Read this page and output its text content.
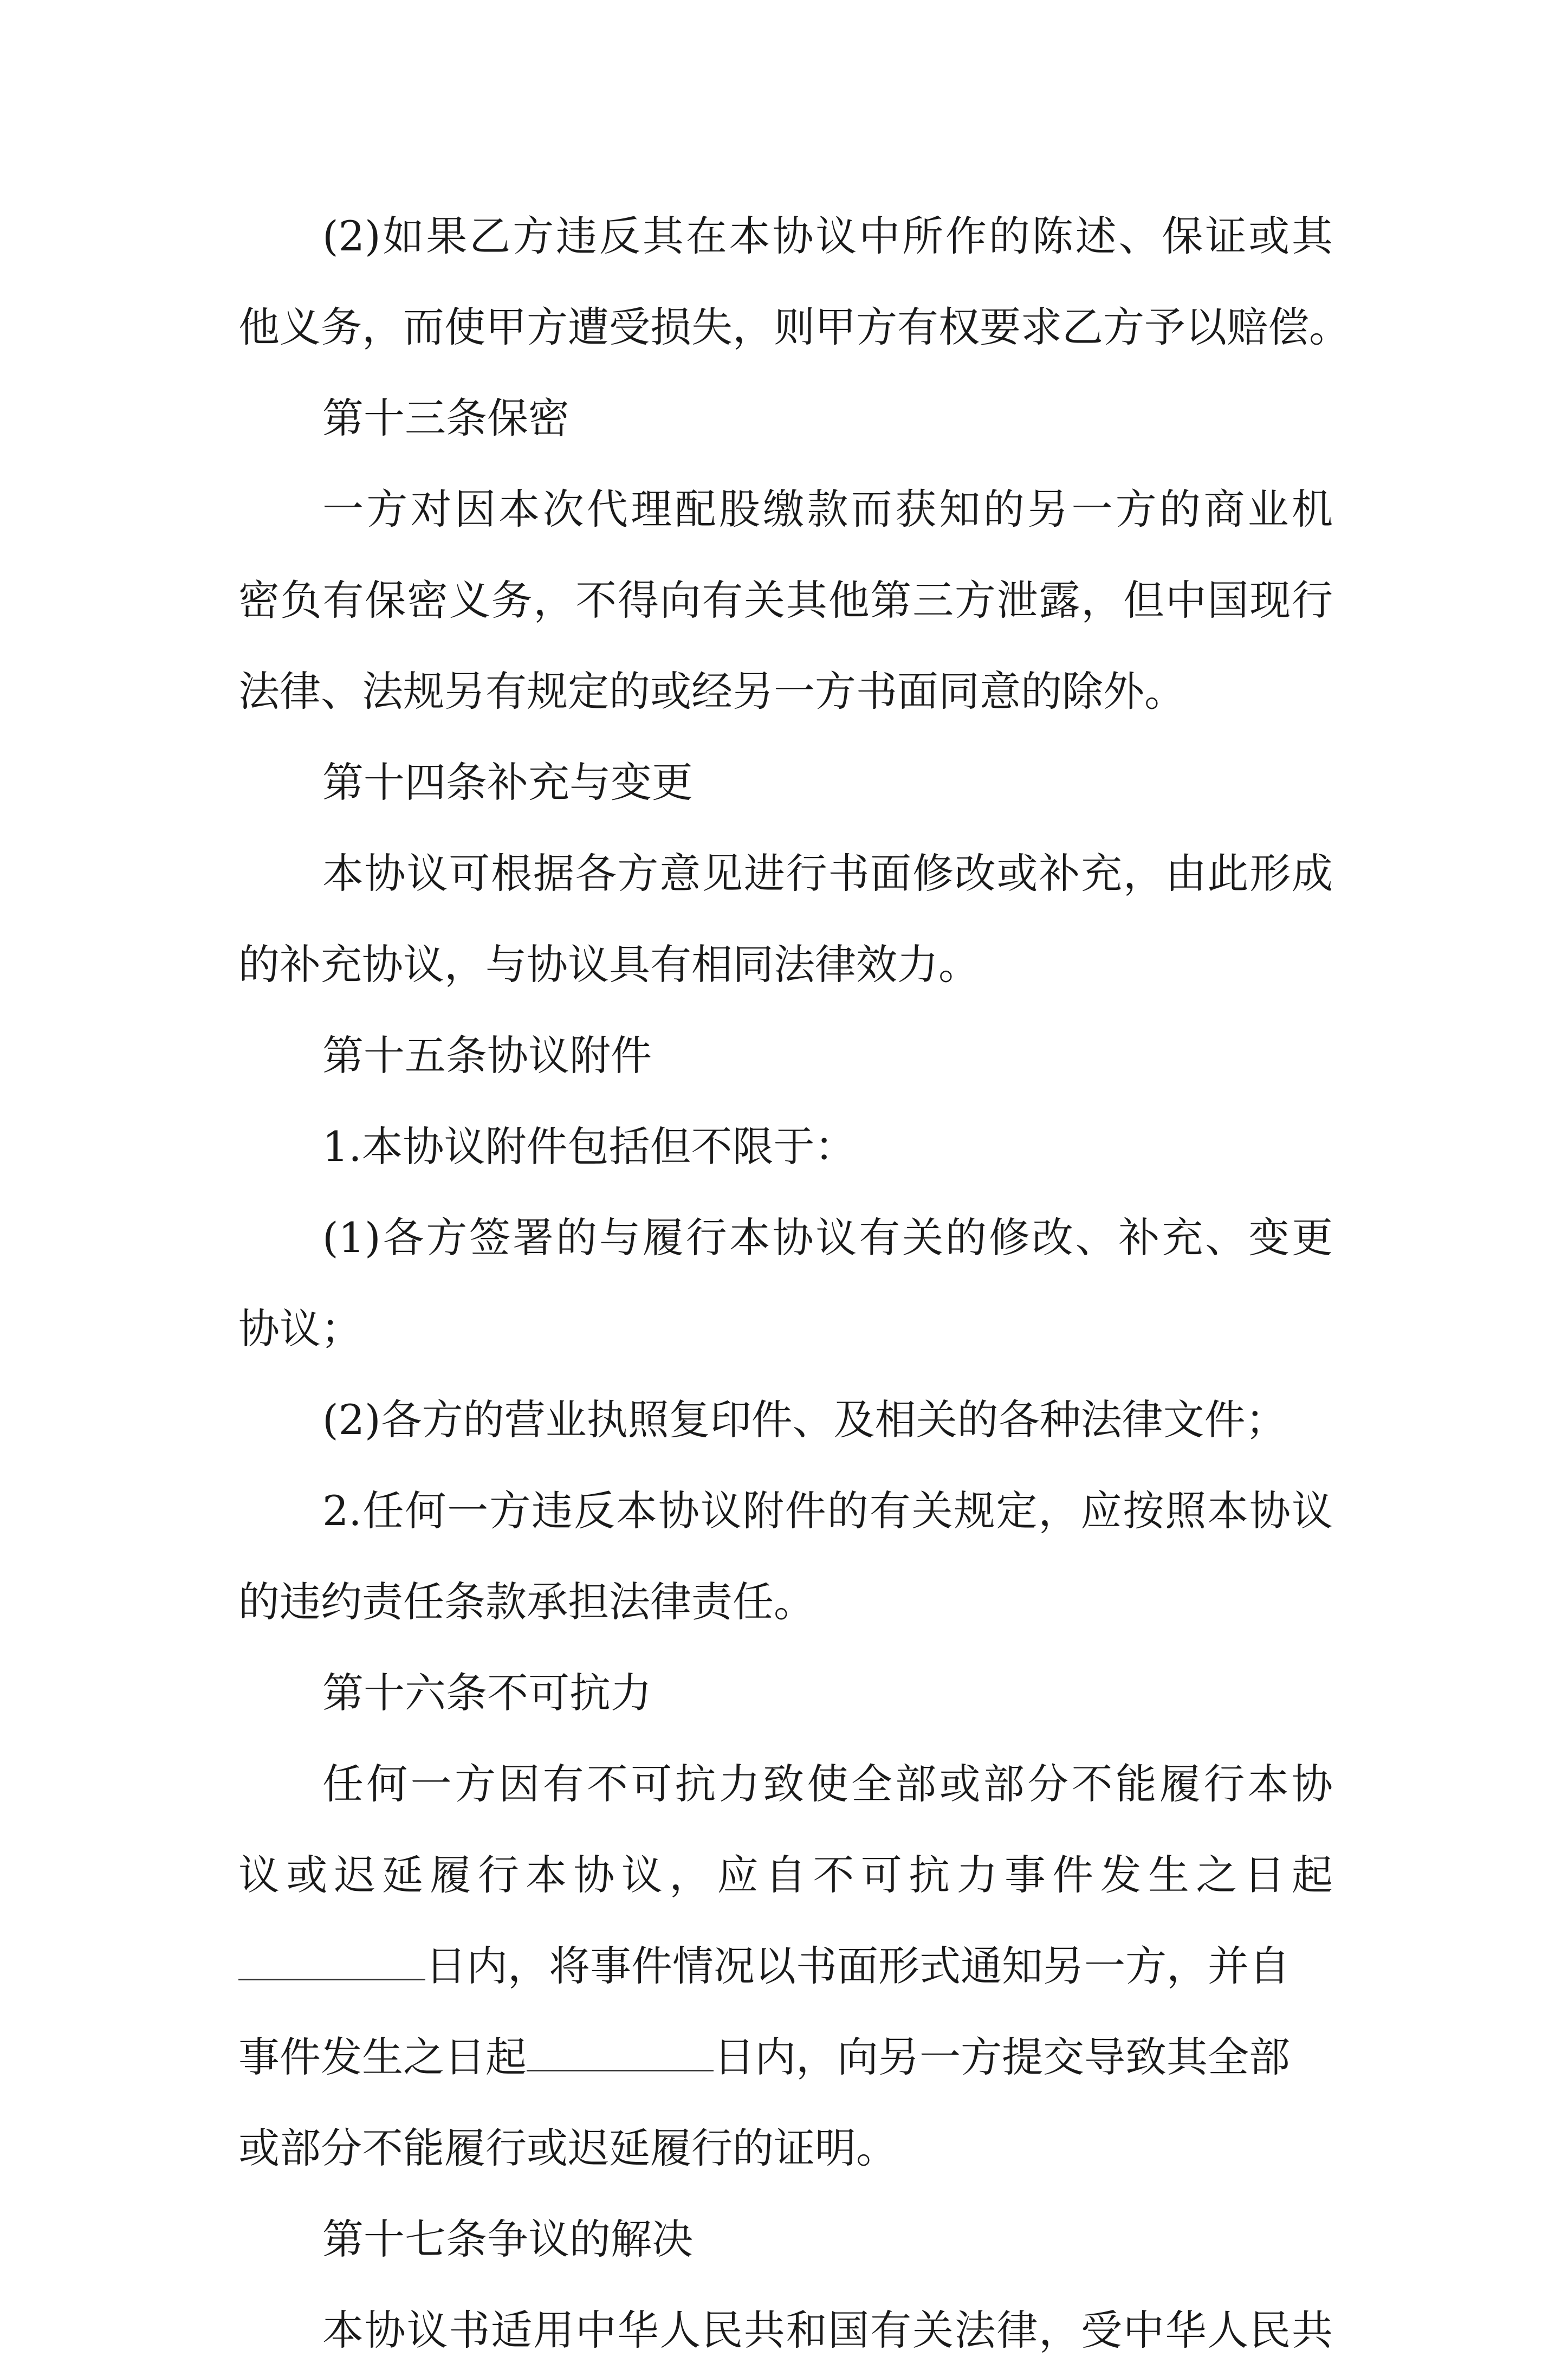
(2)如果乙方违反其在本协议中所作的陈述、保证或其
他义务，而使甲方遭受损失，则甲方有权要求乙方予以赔偿。
第十三条保密
一方对因本次代理配股缴款而获知的另一方的商业机
密负有保密义务，不得向有关其他第三方泄露，但中国现行
法律、法规另有规定的或经另一方书面同意的除外。
第十四条补充与变更
本协议可根据各方意见进行书面修改或补充，由此形成
的补充协议，与协议具有相同法律效力。
第十五条协议附件
1.本协议附件包括但不限于：
(1)各方签署的与履行本协议有关的修改、补充、变更
协议；
(2)各方的营业执照复印件、及相关的各种法律文件；
2.任何一方违反本协议附件的有关规定，应按照本协议
的违约责任条款承担法律责任。
第十六条不可抗力
任何一方因有不可抗力致使全部或部分不能履行本协
议或迟延履行本协议，应自不可抗力事件发生之日起
日内，将事件情况以书面形式通知另一方，并自
事件发生之日起	日内，向另一方提交导致其全部
或部分不能履行或迟延履行的证明。
第十七条争议的解决
本协议书适用中华人民共和国有关法律，受中华人民共
